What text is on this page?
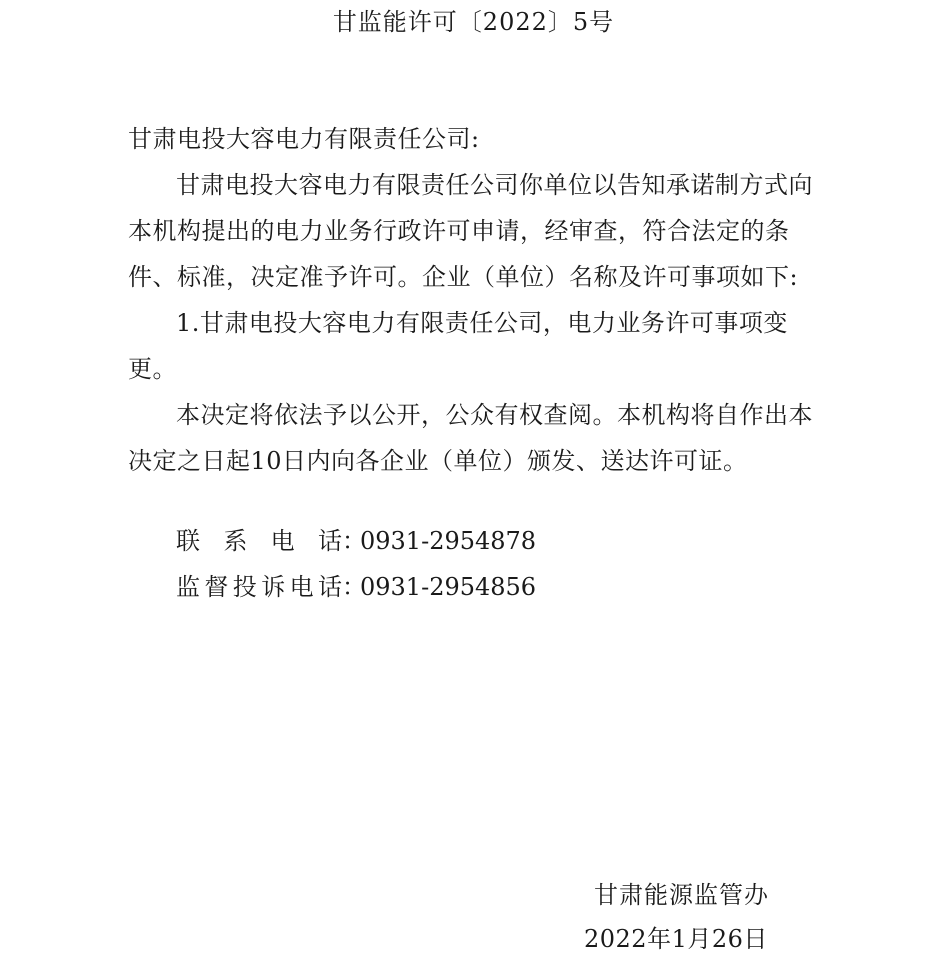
甘监能许可〔2022〕5号

甘肃电投大容电力有限责任公司:

甘肃电投大容电力有限责任公司你单位以告知承诺制方式向本机构提出的电力业务行政许可申请，经审查，符合法定的条件、标准，决定准予许可。企业（单位）名称及许可事项如下:

1.甘肃电投大容电力有限责任公司，电力业务许可事项变更。

本决定将依法予以公开，公众有权查阅。本机构将自作出本决定之日起10日内向各企业（单位）颁发、送达许可证。

联系电话 ：
0931-2954878
监督投诉电话 ：
0931-2954856
甘肃能源监管办
2022年1月26日
